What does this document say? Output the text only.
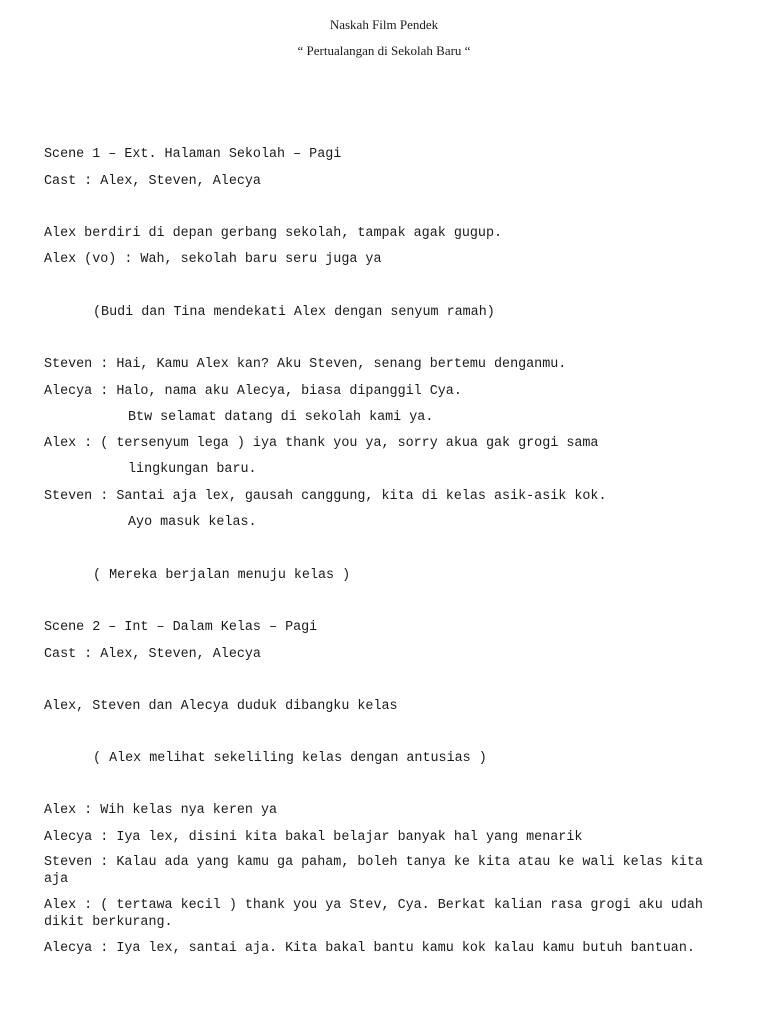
Naskah Film Pendek
“ Pertualangan di Sekolah Baru “
Scene 1 – Ext. Halaman Sekolah – Pagi
Cast : Alex, Steven, Alecya
Alex berdiri di depan gerbang sekolah, tampak agak gugup.
Alex (vo) : Wah, sekolah baru seru juga ya
(Budi dan Tina mendekati Alex dengan senyum ramah)
Steven : Hai, Kamu Alex kan? Aku Steven, senang bertemu denganmu.
Alecya : Halo, nama aku Alecya, biasa dipanggil Cya.
Btw selamat datang di sekolah kami ya.
Alex : ( tersenyum lega ) iya thank you ya, sorry akua gak grogi sama
lingkungan baru.
Steven : Santai aja lex, gausah canggung, kita di kelas asik-asik kok.
Ayo masuk kelas.
( Mereka berjalan menuju kelas )
Scene 2 – Int – Dalam Kelas – Pagi
Cast : Alex, Steven, Alecya
Alex, Steven dan Alecya duduk dibangku kelas
( Alex melihat sekeliling kelas dengan antusias )
Alex : Wih kelas nya keren ya
Alecya : Iya lex, disini kita bakal belajar banyak hal yang menarik
Steven : Kalau ada yang kamu ga paham, boleh tanya ke kita atau ke wali kelas kita aja
Alex : ( tertawa kecil ) thank you ya Stev, Cya. Berkat kalian rasa grogi aku udah dikit berkurang.
Alecya : Iya lex, santai aja. Kita bakal bantu kamu kok kalau kamu butuh bantuan.
